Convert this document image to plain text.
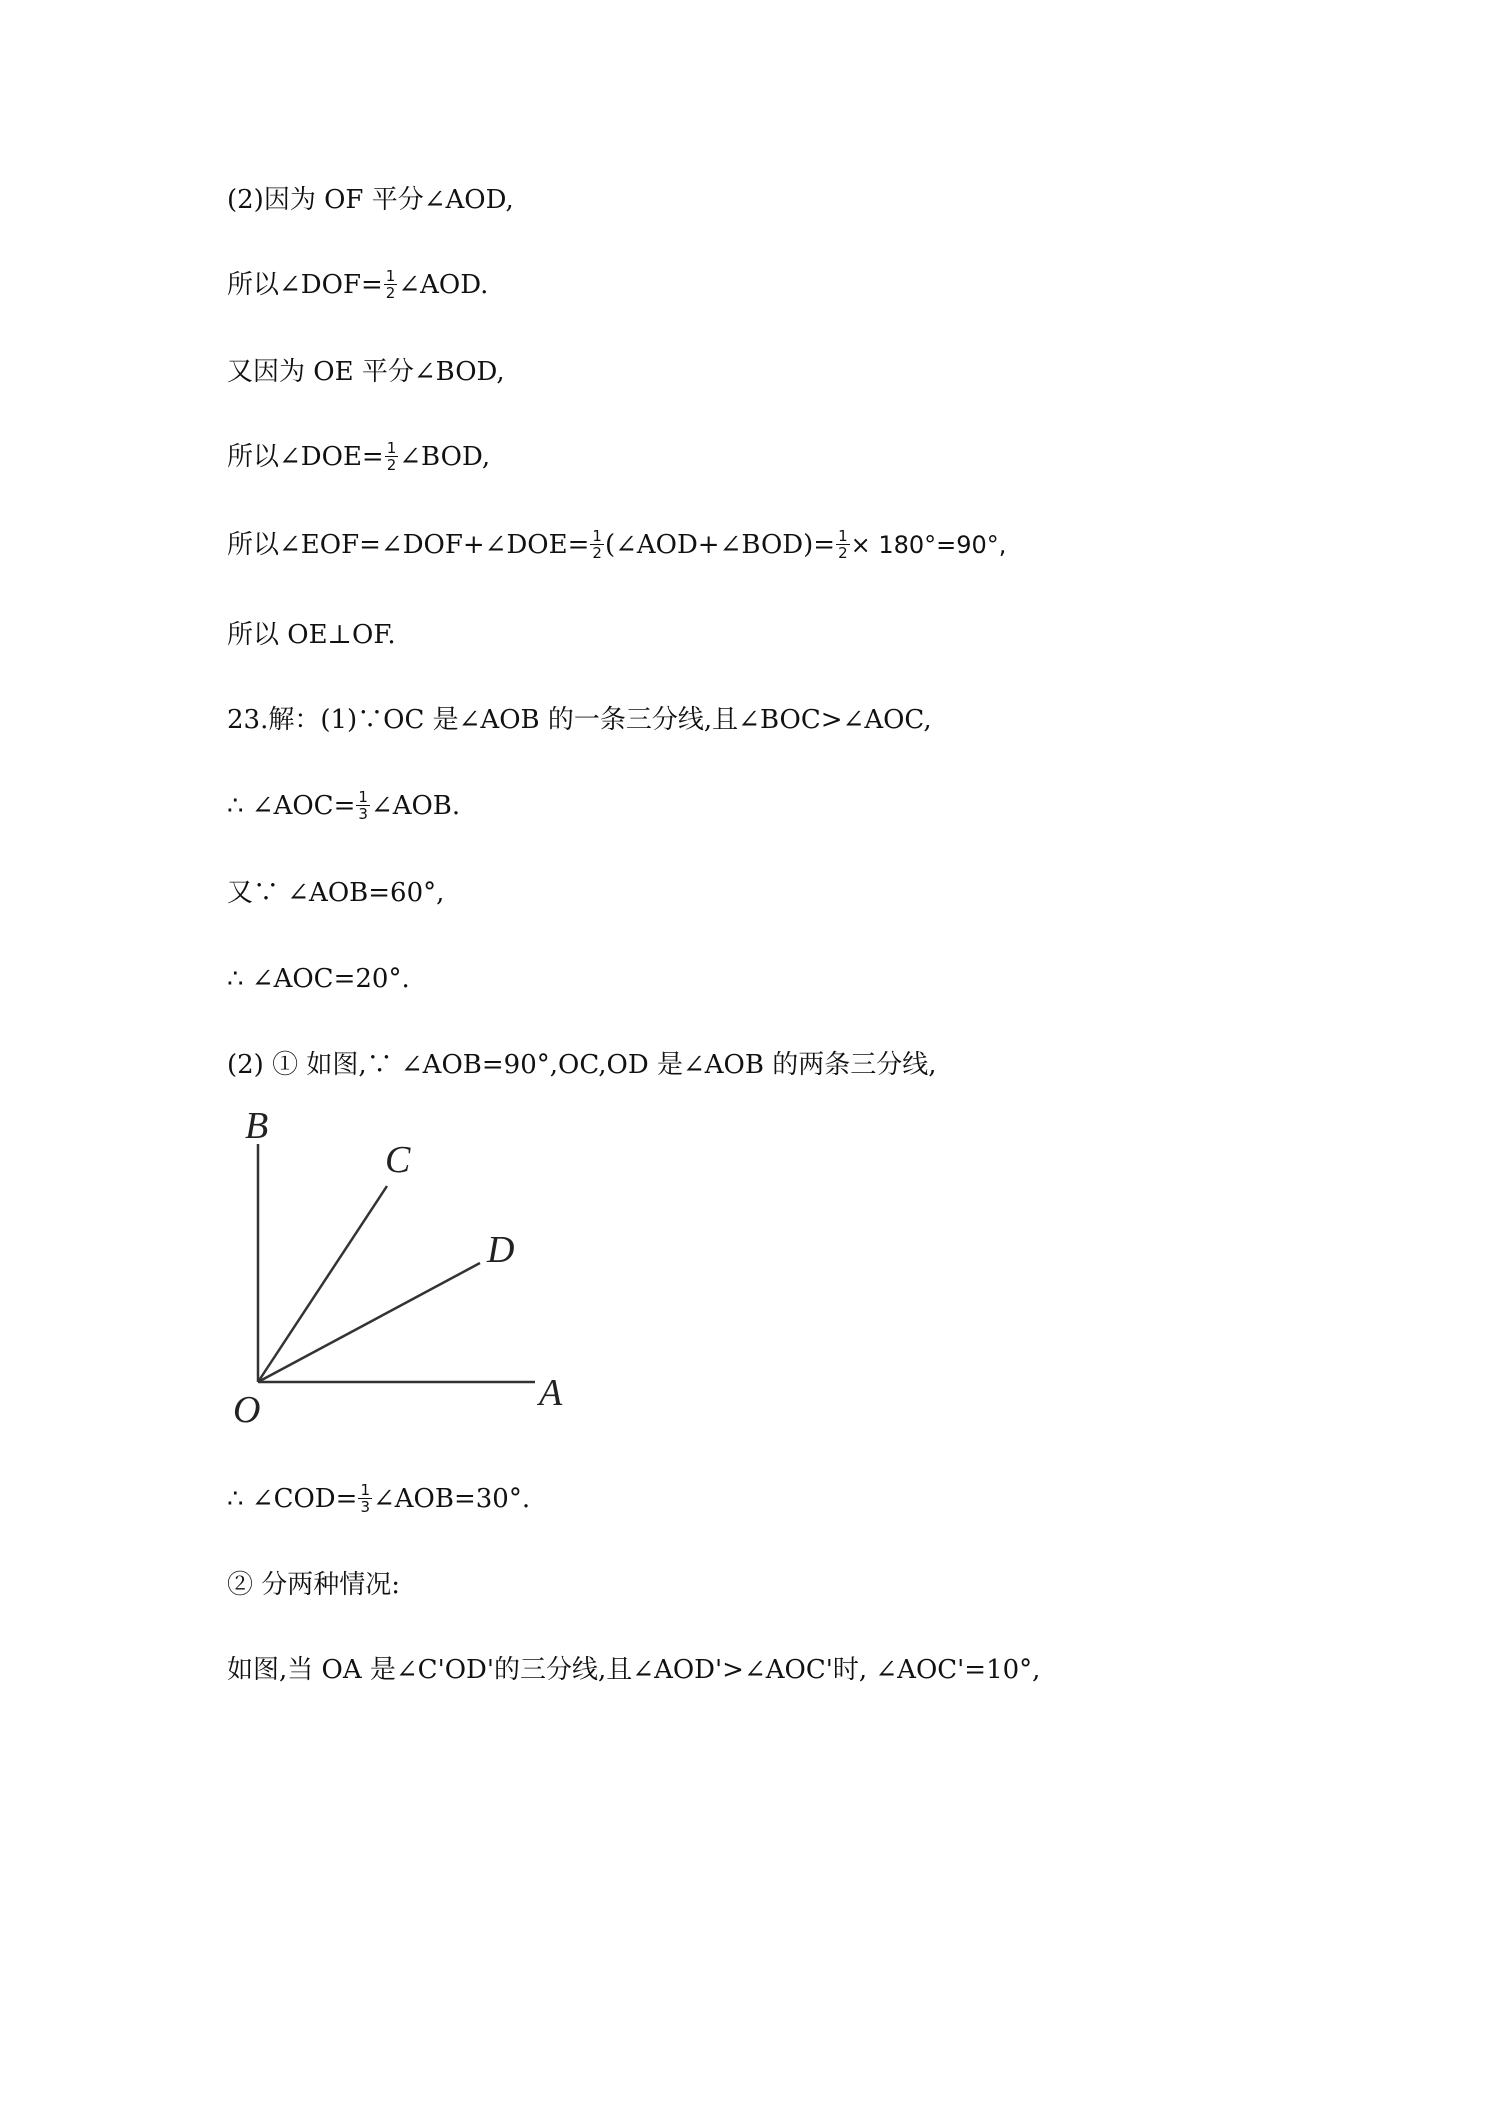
(2)因为 OF 平分∠AOD,
所以∠DOF= $\frac{1}{2}$ ∠AOD.
又因为 OE 平分∠BOD,
所以∠DOE= $\frac{1}{2}$ ∠BOD,
所以∠EOF=∠DOF+∠DOE= $\frac{1}{2}$ (∠AOD+∠BOD)= $\frac{1}{2} \times 180^\circ=90^\circ$,
所以 OE⊥OF.
23.解：(1)∵OC 是∠AOB 的一条三分线,且∠BOC>∠AOC,
∴ ∠AOC= $\frac{1}{3}$ ∠AOB.
又∵ ∠AOB=60°,
∴ ∠AOC=20°.
(2) ① 如图,∵ ∠AOB=90°,OC,OD 是∠AOB 的两条三分线,
B
C
D
O	A
∴ ∠COD= $\frac{1}{3}$ ∠AOB=30°.
② 分两种情况:
如图,当 OA 是∠C'OD'的三分线,且∠AOD'>∠AOC'时, ∠AOC'=10°,
